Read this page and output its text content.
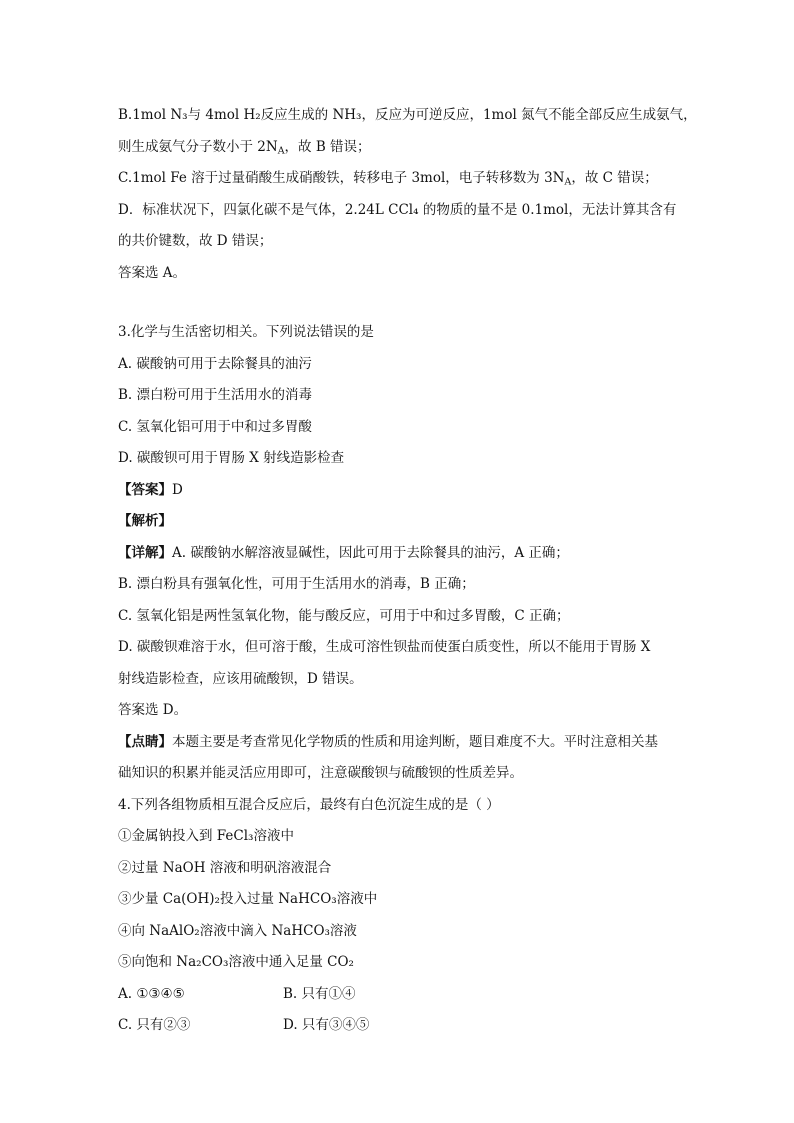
B.1mol N₃与 4mol H₂反应生成的 NH₃，反应为可逆反应，1mol 氮气不能全部反应生成氨气，
则生成氨气分子数小于 $2N_A$，故 B 错误；
C.1mol Fe 溶于过量硝酸生成硝酸铁，转移电子 3mol，电子转移数为 $3N_A$，故 C 错误；
D．标准状况下，四氯化碳不是气体，2.24L CCl₄ 的物质的量不是 0.1mol，无法计算其含有
的共价键数，故 D 错误；
答案选 A。
3.化学与生活密切相关。下列说法错误的是
A. 碳酸钠可用于去除餐具的油污
B. 漂白粉可用于生活用水的消毒
C. 氢氧化铝可用于中和过多胃酸
D. 碳酸钡可用于胃肠 X 射线造影检查
【答案】D
【解析】
【详解】A. 碳酸钠水解溶液显碱性，因此可用于去除餐具的油污，A 正确；
B. 漂白粉具有强氧化性，可用于生活用水的消毒，B 正确；
C. 氢氧化铝是两性氢氧化物，能与酸反应，可用于中和过多胃酸，C 正确；
D. 碳酸钡难溶于水，但可溶于酸，生成可溶性钡盐而使蛋白质变性，所以不能用于胃肠 X
射线造影检查，应该用硫酸钡，D 错误。
答案选 D。
【点睛】本题主要是考查常见化学物质的性质和用途判断，题目难度不大。平时注意相关基
础知识的积累并能灵活应用即可，注意碳酸钡与硫酸钡的性质差异。
4.下列各组物质相互混合反应后，最终有白色沉淀生成的是（ ）
①金属钠投入到 FeCl₃溶液中
②过量 NaOH 溶液和明矾溶液混合
③少量 Ca(OH)₂投入过量 NaHCO₃溶液中
④向 NaAlO₂溶液中滴入 NaHCO₃溶液
⑤向饱和 Na₂CO₃溶液中通入足量 CO₂
A. ①③④⑤	B. 只有①④
C. 只有②③	D. 只有③④⑤
